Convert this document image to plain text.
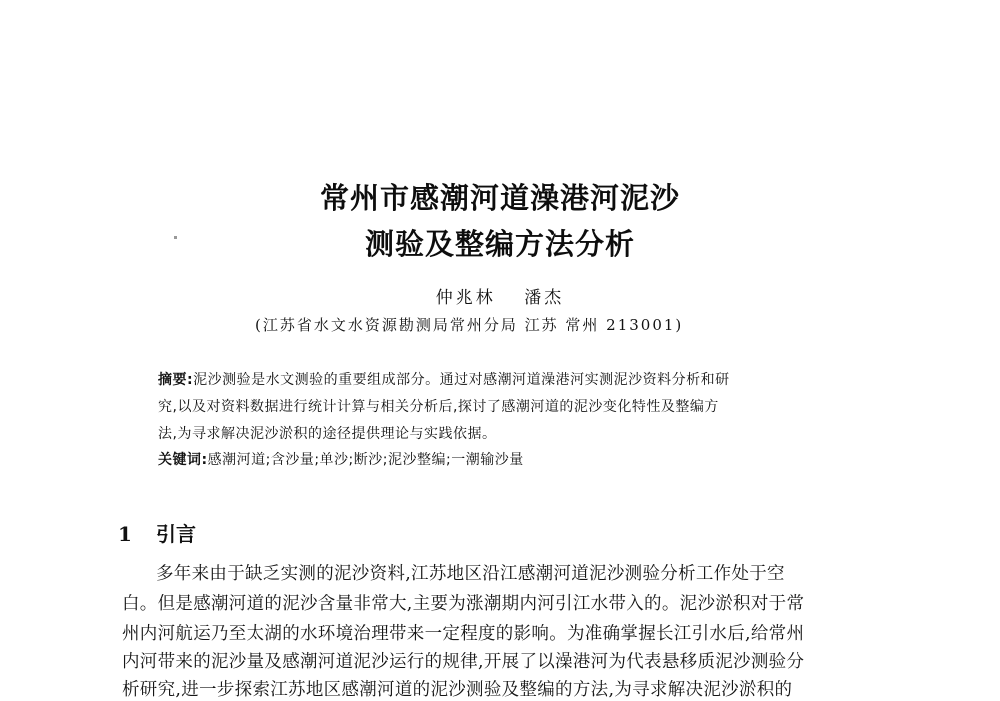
常州市感潮河道澡港河泥沙
测验及整编方法分析
仲兆林 潘杰
(江苏省水文水资源勘测局常州分局 江苏 常州 213001)
摘要:泥沙测验是水文测验的重要组成部分。通过对感潮河道澡港河实测泥沙资料分析和研
究,以及对资料数据进行统计计算与相关分析后,探讨了感潮河道的泥沙变化特性及整编方
法,为寻求解决泥沙淤积的途径提供理论与实践依据。
关键词:感潮河道;含沙量;单沙;断沙;泥沙整编;一潮输沙量
1 引言
多年来由于缺乏实测的泥沙资料,江苏地区沿江感潮河道泥沙测验分析工作处于空
白。但是感潮河道的泥沙含量非常大,主要为涨潮期内河引江水带入的。泥沙淤积对于常
州内河航运乃至太湖的水环境治理带来一定程度的影响。为准确掌握长江引水后,给常州
内河带来的泥沙量及感潮河道泥沙运行的规律,开展了以澡港河为代表悬移质泥沙测验分
析研究,进一步探索江苏地区感潮河道的泥沙测验及整编的方法,为寻求解决泥沙淤积的
